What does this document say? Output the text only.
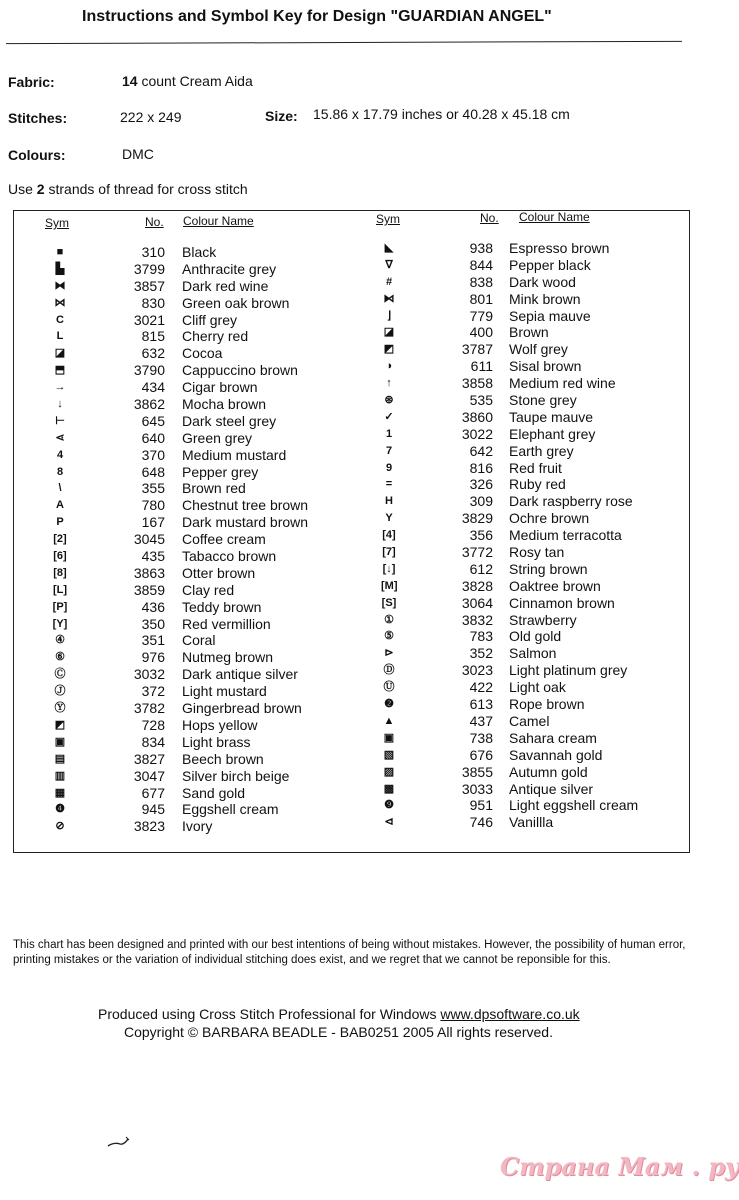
Instructions and Symbol Key for Design "GUARDIAN ANGEL"
Fabric:	14 count Cream Aida
Stitches:	222 x 249	Size: 15.86 x 17.79 inches or 40.28 x 45.18 cm
Colours:	DMC
Use 2 strands of thread for cross stitch
Sym	No. Colour Name	Sym	No. Colour Name
■	310 Black
▙	3799 Anthracite grey
⧓	3857 Dark red wine
⋈	830 Green oak brown
C	3021 Cliff grey
L	815 Cherry red
◪	632 Cocoa
⬒	3790 Cappuccino brown
→	434 Cigar brown
↓	3862 Mocha brown
⊢	645 Dark steel grey
⋖	640 Green grey
4	370 Medium mustard
8	648 Pepper grey
\	355 Brown red
A	780 Chestnut tree brown
P	167 Dark mustard brown
[2]	3045 Coffee cream
[6]	435 Tabacco brown
[8]	3863 Otter brown
[L]	3859 Clay red
[P]	436 Teddy brown
[Y]	350 Red vermillion
④	351 Coral
⑥	976 Nutmeg brown
Ⓒ	3032 Dark antique silver
Ⓙ	372 Light mustard
Ⓨ	3782 Gingerbread brown
◩	728 Hops yellow
▣	834 Light brass
▤	3827 Beech brown
▥	3047 Silver birch beige
▦	677 Sand gold
❹	945 Eggshell cream
⊘	3823 Ivory
◣	938 Espresso brown
∇	844 Pepper black
#	838 Dark wood
⧑	801 Mink brown
⌋	779 Sepia mauve
◪	400 Brown
◩	3787 Wolf grey
◑	611 Sisal brown
↑	3858 Medium red wine
⊛	535 Stone grey
✓	3860 Taupe mauve
1	3022 Elephant grey
7	642 Earth grey
9	816 Red fruit
=	326 Ruby red
H	309 Dark raspberry rose
Y	3829 Ochre brown
[4]	356 Medium terracotta
[7]	3772 Rosy tan
[↓]	612 String brown
[M]	3828 Oaktree brown
[S]	3064 Cinnamon brown
①	3832 Strawberry
⑤	783 Old gold
⊳	352 Salmon
Ⓓ	3023 Light platinum grey
Ⓤ	422 Light oak
❷	613 Rope brown
▲	437 Camel
▣	738 Sahara cream
▧	676 Savannah gold
▨	3855 Autumn gold
▩	3033 Antique silver
❾	951 Light eggshell cream
⊲	746 Vanillla
This chart has been designed and printed with our best intentions of being without mistakes. However, the possibility of human error, printing mistakes or the variation of individual stitching does exist, and we regret that we cannot be reponsible for this.
Produced using Cross Stitch Professional for Windows www.dpsoftware.co.uk
Copyright © BARBARA BEADLE - BAB0251 2005 All rights reserved.
Страна Мам . ру
